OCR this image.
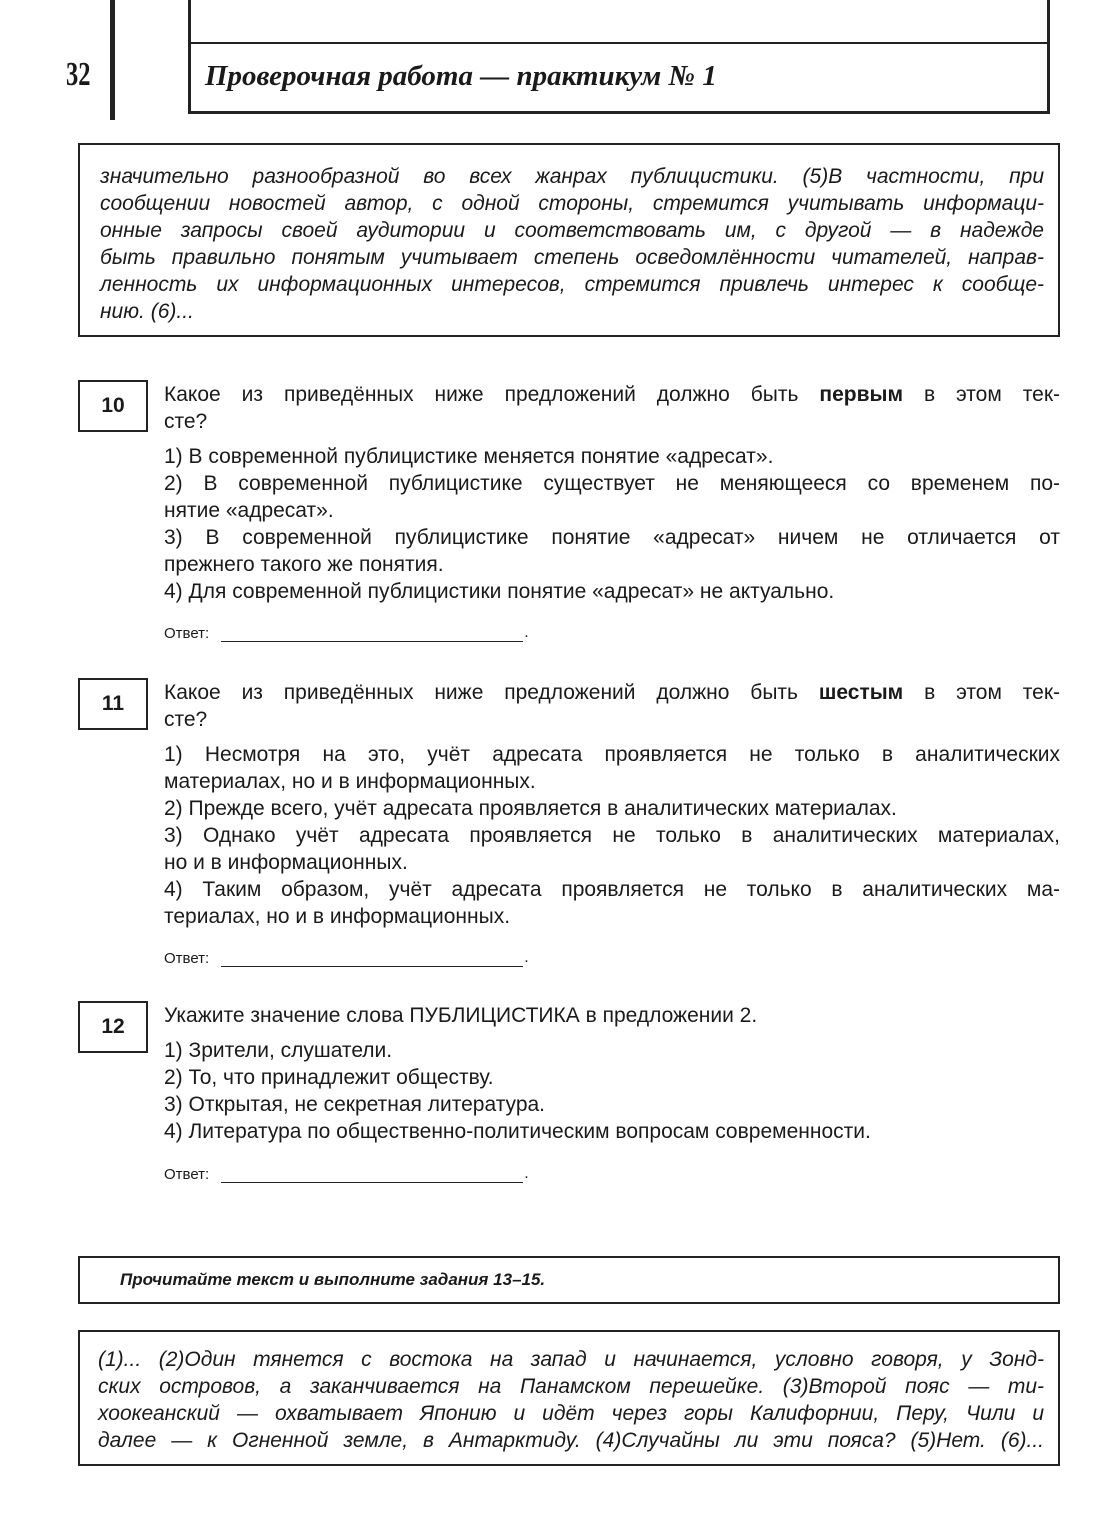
32	Проверочная работа — практикум № 1
значительно разнообразной во всех жанрах публицистики. (5)В частности, при
сообщении новостей автор, с одной стороны, стремится учитывать информаци-
онные запросы своей аудитории и соответствовать им, с другой — в надежде
быть правильно понятым учитывает степень осведомлённости читателей, направ-
ленность их информационных интересов, стремится привлечь интерес к сообще-
нию. (6)...
10	Какое из приведённых ниже предложений должно быть первым в этом тек-
сте?
1) В современной публицистике меняется понятие «адресат».
2) В современной публицистике существует не меняющееся со временем по-
нятие «адресат».
3) В современной публицистике понятие «адресат» ничем не отличается от
прежнего такого же понятия.
4) Для современной публицистики понятие «адресат» не актуально.
Ответ:	.
11	Какое из приведённых ниже предложений должно быть шестым в этом тек-
сте?
1) Несмотря на это, учёт адресата проявляется не только в аналитических
материалах, но и в информационных.
2) Прежде всего, учёт адресата проявляется в аналитических материалах.
3) Однако учёт адресата проявляется не только в аналитических материалах,
но и в информационных.
4) Таким образом, учёт адресата проявляется не только в аналитических ма-
териалах, но и в информационных.
Ответ:	.
12	Укажите значение слова ПУБЛИЦИСТИКА в предложении 2.
1) Зрители, слушатели.
2) То, что принадлежит обществу.
3) Открытая, не секретная литература.
4) Литература по общественно-политическим вопросам современности.
Ответ:	.
Прочитайте текст и выполните задания 13–15.
(1)... (2)Один тянется с востока на запад и начинается, условно говоря, у Зонд-
ских островов, а заканчивается на Панамском перешейке. (3)Второй пояс — ти-
хоокеанский — охватывает Японию и идёт через горы Калифорнии, Перу, Чили и
далее — к Огненной земле, в Антарктиду. (4)Случайны ли эти пояса? (5)Нет. (6)...
